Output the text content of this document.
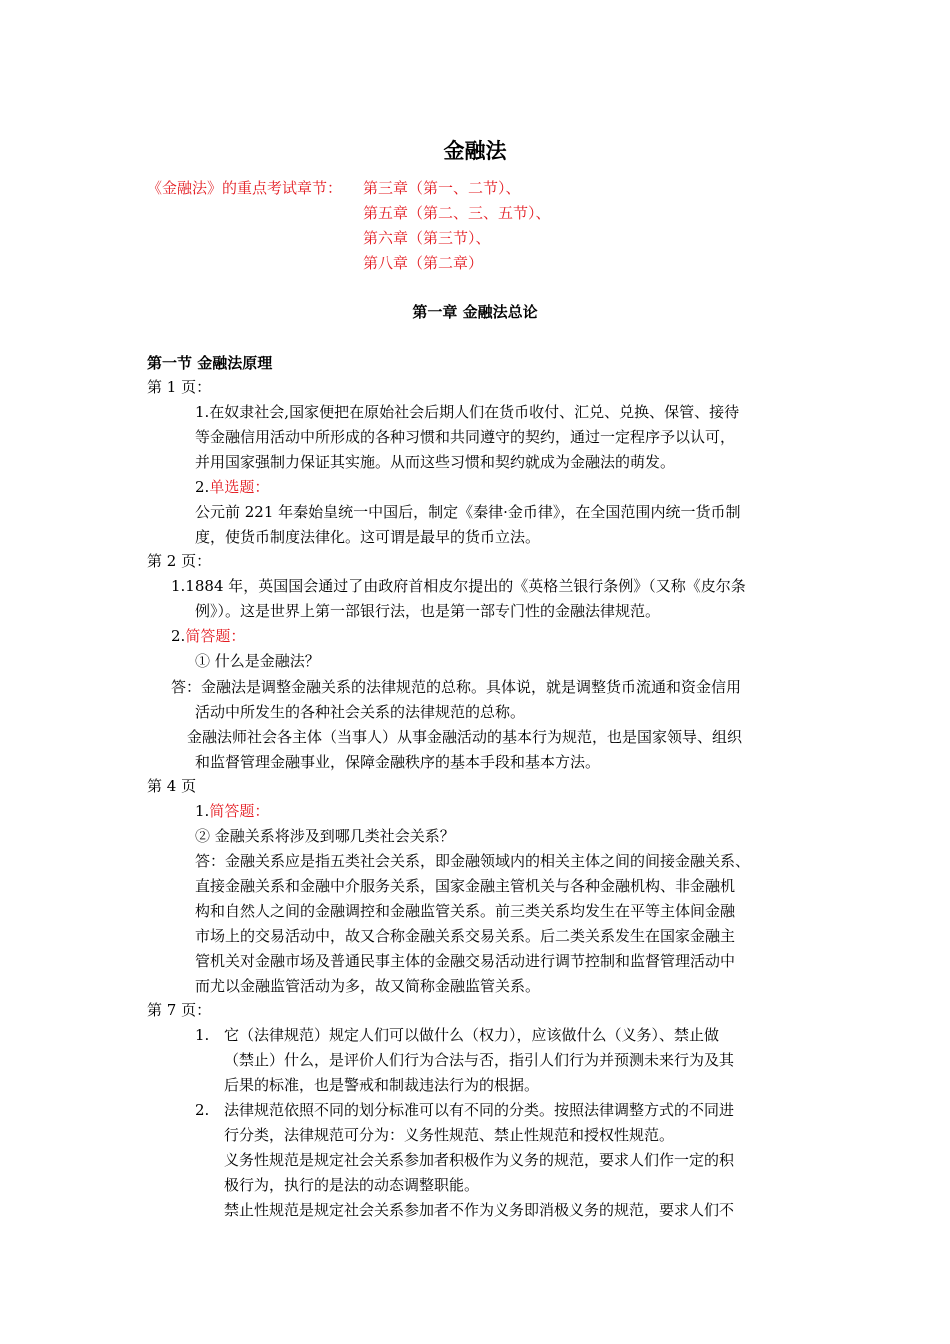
金融法
《金融法》的重点考试章节： 第三章（第一、二节）、
第五章（第二、三、五节）、
第六章（第三节）、
第八章（第二章）
第一章 金融法总论
第一节 金融法原理
第 1 页：
1.在奴隶社会,国家便把在原始社会后期人们在货币收付、汇兑、兑换、保管、接待
等金融信用活动中所形成的各种习惯和共同遵守的契约，通过一定程序予以认可，
并用国家强制力保证其实施。从而这些习惯和契约就成为金融法的萌发。
2.单选题：
公元前 221 年秦始皇统一中国后，制定《秦律·金币律》，在全国范围内统一货币制
度，使货币制度法律化。这可谓是最早的货币立法。
第 2 页：
1.1884 年，英国国会通过了由政府首相皮尔提出的《英格兰银行条例》（又称《皮尔条
例》）。这是世界上第一部银行法，也是第一部专门性的金融法律规范。
2.简答题：
① 什么是金融法？
答：金融法是调整金融关系的法律规范的总称。具体说，就是调整货币流通和资金信用
活动中所发生的各种社会关系的法律规范的总称。
金融法师社会各主体（当事人）从事金融活动的基本行为规范，也是国家领导、组织
和监督管理金融事业，保障金融秩序的基本手段和基本方法。
第 4 页
1.简答题：
② 金融关系将涉及到哪几类社会关系？
答：金融关系应是指五类社会关系，即金融领域内的相关主体之间的间接金融关系、
直接金融关系和金融中介服务关系，国家金融主管机关与各种金融机构、非金融机
构和自然人之间的金融调控和金融监管关系。前三类关系均发生在平等主体间金融
市场上的交易活动中，故又合称金融关系交易关系。后二类关系发生在国家金融主
管机关对金融市场及普通民事主体的金融交易活动进行调节控制和监督管理活动中
而尤以金融监管活动为多，故又简称金融监管关系。
第 7 页：
1. 它（法律规范）规定人们可以做什么（权力），应该做什么（义务）、禁止做
（禁止）什么，是评价人们行为合法与否，指引人们行为并预测未来行为及其
后果的标准，也是警戒和制裁违法行为的根据。
2. 法律规范依照不同的划分标准可以有不同的分类。按照法律调整方式的不同进
行分类，法律规范可分为：义务性规范、禁止性规范和授权性规范。
义务性规范是规定社会关系参加者积极作为义务的规范，要求人们作一定的积
极行为，执行的是法的动态调整职能。
禁止性规范是规定社会关系参加者不作为义务即消极义务的规范，要求人们不
